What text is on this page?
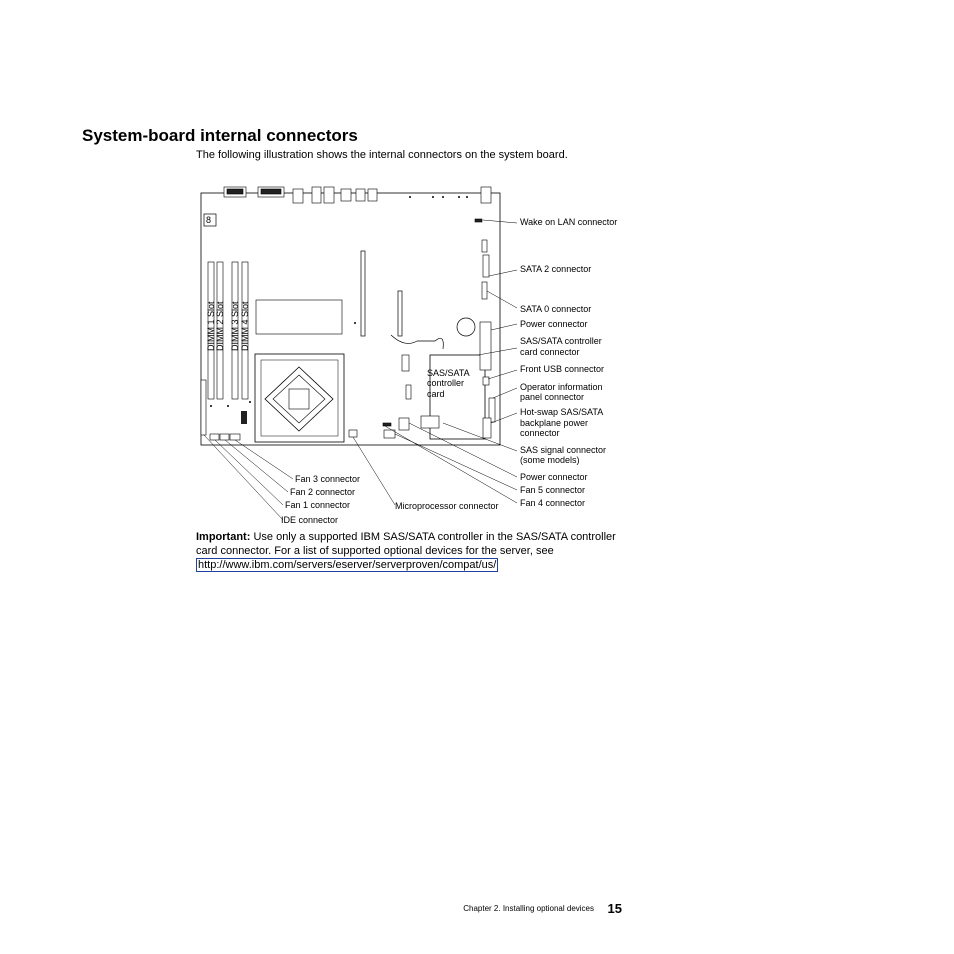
System-board internal connectors

The following illustration shows the internal connectors on the system board.

8
DIMM 1 Slot DIMM 2 Slot DIMM 3 Slot DIMM 4 Slot
SAS/SATA controller card
Wake on LAN connector
SATA 2 connector
SATA 0 connector
Power connector
SAS/SATA controller card connector
Front USB connector
Operator information panel connector
Hot-swap SAS/SATA backplane power connector
SAS signal connector (some models)
Power connector
Fan 5 connector
Fan 4 connector
Fan 3 connector
Fan 2 connector
Fan 1 connector
IDE connector
Microprocessor connector

Important: Use only a supported IBM SAS/SATA controller in the SAS/SATA controller card connector. For a list of supported optional devices for the server, see http://www.ibm.com/servers/eserver/serverproven/compat/us/

Chapter 2. Installing optional devices 15
